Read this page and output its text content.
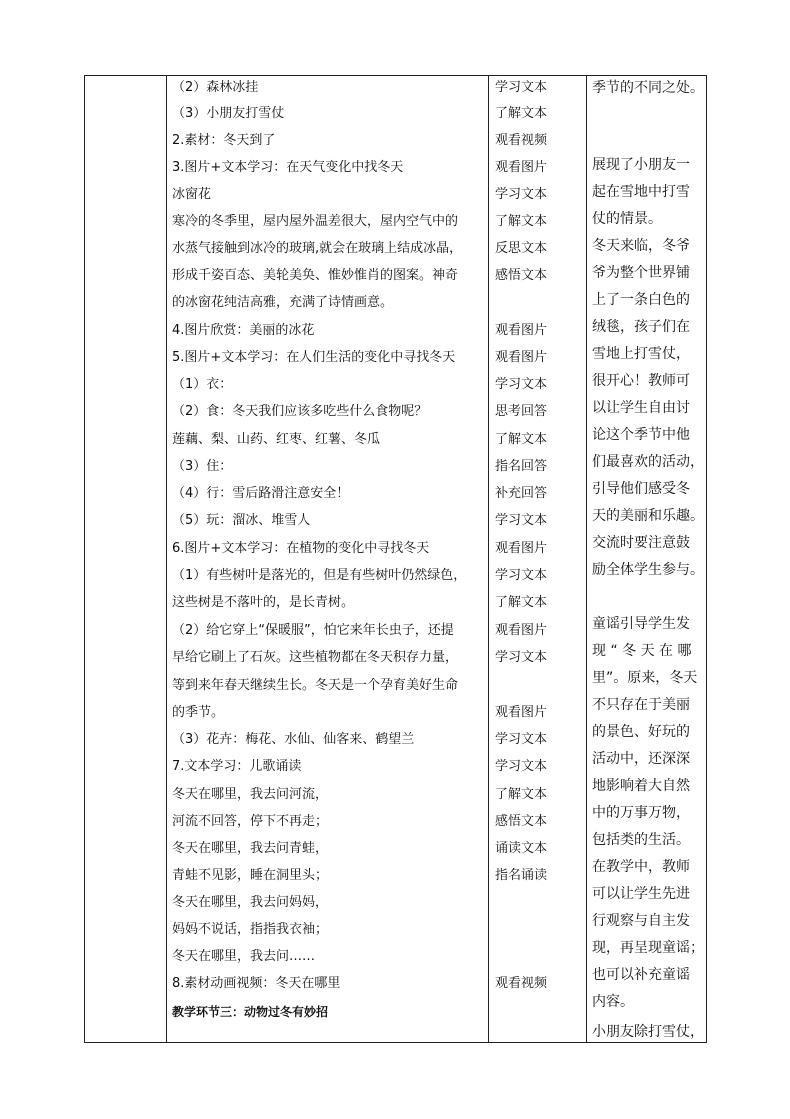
（2）森林冰挂
（3）小朋友打雪仗
2.素材：冬天到了
3.图片+文本学习：在天气变化中找冬天
冰窗花
寒冷的冬季里，屋内屋外温差很大，屋内空气中的
水蒸气接触到冰冷的玻璃,就会在玻璃上结成冰晶，
形成千姿百态、美轮美奂、惟妙惟肖的图案。神奇
的冰窗花纯洁高雅，充满了诗情画意。
4.图片欣赏：美丽的冰花
5.图片+文本学习：在人们生活的变化中寻找冬天
（1）衣：
（2）食：冬天我们应该多吃些什么食物呢？
莲藕、梨、山药、红枣、红薯、冬瓜
（3）住：
（4）行：雪后路滑注意安全！
（5）玩：溜冰、堆雪人
6.图片+文本学习：在植物的变化中寻找冬天
（1）有些树叶是落光的，但是有些树叶仍然绿色，
这些树是不落叶的，是长青树。
（2）给它穿上“保暖服”，怕它来年长虫子，还提
早给它刷上了石灰。这些植物都在冬天积存力量，
等到来年春天继续生长。冬天是一个孕育美好生命
的季节。
（3）花卉：梅花、水仙、仙客来、鹤望兰
7.文本学习：儿歌诵读
冬天在哪里，我去问河流，
河流不回答，停下不再走；
冬天在哪里，我去问青蛙，
青蛙不见影，睡在洞里头；
冬天在哪里，我去问妈妈，
妈妈不说话，指指我衣袖；
冬天在哪里，我去问……
8.素材动画视频：冬天在哪里
教学环节三：动物过冬有妙招
学习文本
了解文本
观看视频
观看图片
学习文本
了解文本
反思文本
感悟文本
观看图片
观看图片
学习文本
思考回答
了解文本
指名回答
补充回答
学习文本
观看图片
学习文本
了解文本
观看图片
学习文本
观看图片
学习文本
学习文本
了解文本
感悟文本
诵读文本
指名诵读
观看视频
季节的不同之处。
展现了小朋友一
起在雪地中打雪
仗的情景。
冬天来临，冬爷
爷为整个世界铺
上了一条白色的
绒毯，孩子们在
雪地上打雪仗，
很开心！教师可
以让学生自由讨
论这个季节中他
们最喜欢的活动，
引导他们感受冬
天的美丽和乐趣。
交流时要注意鼓
励全体学生参与。
童谣引导学生发
现 “ 冬 天 在 哪
里”。原来，冬天
不只存在于美丽
的景色、好玩的
活动中，还深深
地影响着大自然
中的万事万物，
包括类的生活。
在教学中，教师
可以让学生先进
行观察与自主发
现，再呈现童谣；
也可以补充童谣
内容。
小朋友除打雪仗，
